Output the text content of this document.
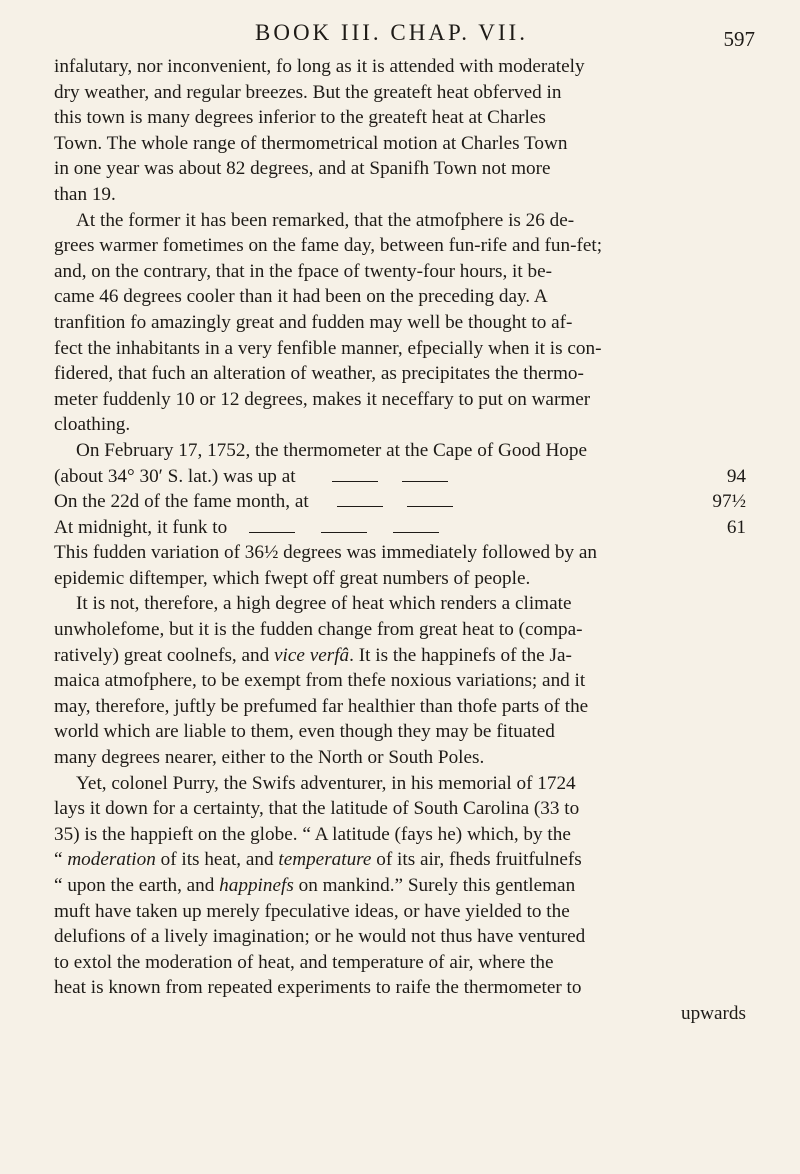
BOOK III. CHAP. VII.	597

infalutary, nor inconvenient, fo long as it is attended with moderately
dry weather, and regular breezes. But the greateft heat obferved in
this town is many degrees inferior to the greateft heat at Charles
Town. The whole range of thermometrical motion at Charles Town
in one year was about 82 degrees, and at Spanifh Town not more
than 19.

At the former it has been remarked, that the atmofphere is 26 de-
grees warmer fometimes on the fame day, between fun-rife and fun-fet;
and, on the contrary, that in the fpace of twenty-four hours, it be-
came 46 degrees cooler than it had been on the preceding day. A
tranfition fo amazingly great and fudden may well be thought to af-
fect the inhabitants in a very fenfible manner, efpecially when it is con-
fidered, that fuch an alteration of weather, as precipitates the thermo-
meter fuddenly 10 or 12 degrees, makes it neceffary to put on warmer
cloathing.

On February 17, 1752, the thermometer at the Cape of Good Hope
(about 34° 30′ S. lat.) was up at	94
On the 22d of the fame month, at	97½
At midnight, it funk to	61
This fudden variation of 36½ degrees was immediately followed by an
epidemic diftemper, which fwept off great numbers of people.

It is not, therefore, a high degree of heat which renders a climate
unwholefome, but it is the fudden change from great heat to (compa-
ratively) great coolnefs, and vice verfâ. It is the happinefs of the Ja-
maica atmofphere, to be exempt from thefe noxious variations; and it
may, therefore, juftly be prefumed far healthier than thofe parts of the
world which are liable to them, even though they may be fituated
many degrees nearer, either to the North or South Poles.

Yet, colonel Purry, the Swifs adventurer, in his memorial of 1724
lays it down for a certainty, that the latitude of South Carolina (33 to
35) is the happieft on the globe. “ A latitude (fays he) which, by the
“ moderation of its heat, and temperature of its air, fheds fruitfulnefs
“ upon the earth, and happinefs on mankind.” Surely this gentleman
muft have taken up merely fpeculative ideas, or have yielded to the
delufions of a lively imagination; or he would not thus have ventured
to extol the moderation of heat, and temperature of air, where the
heat is known from repeated experiments to raife the thermometer to
upwards
